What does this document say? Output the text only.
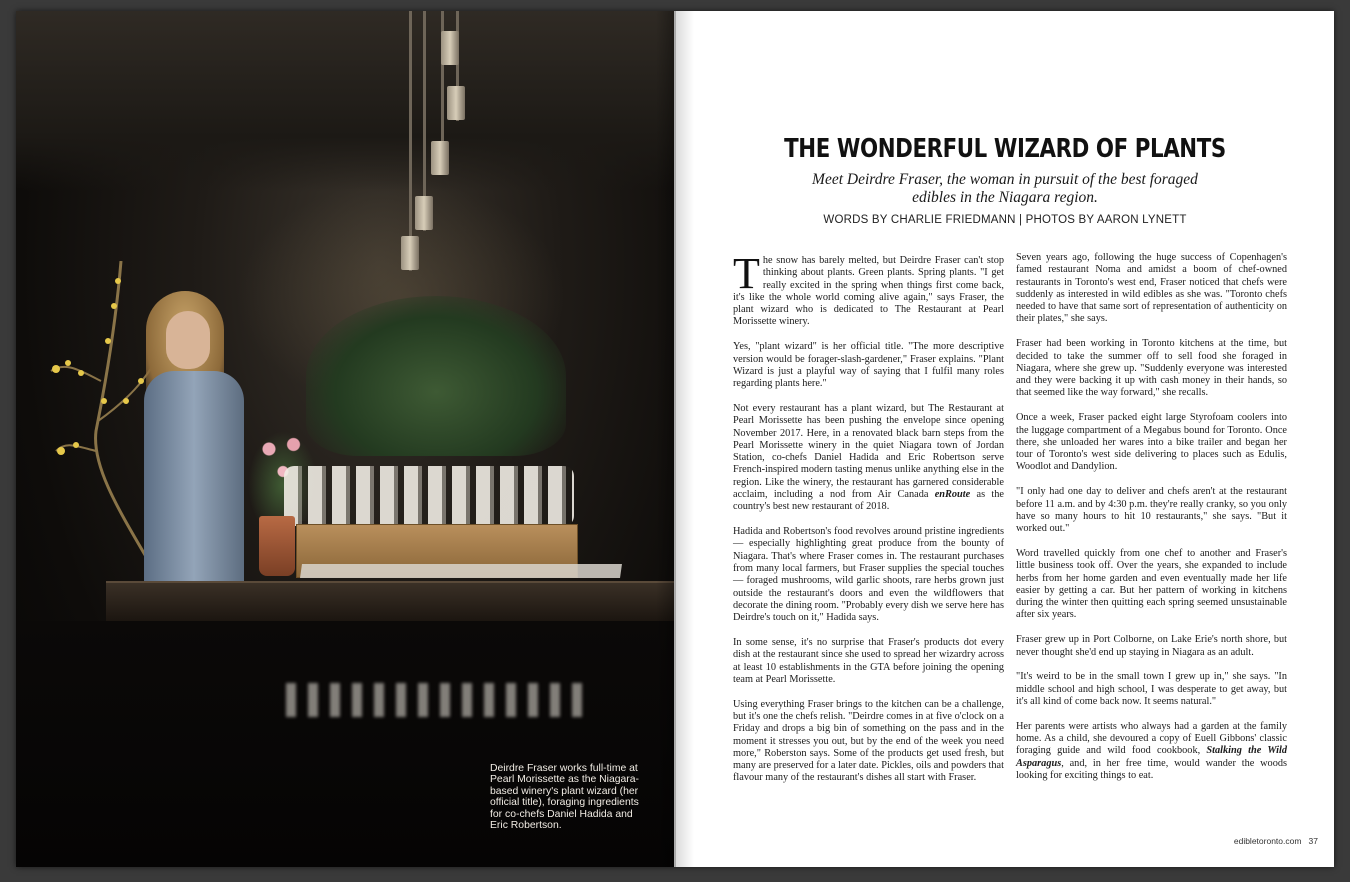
Deirdre Fraser works full-time at Pearl Morissette as the Niagara-based winery's plant wizard (her official title), foraging ingredients for co-chefs Daniel Hadida and Eric Robertson.
THE WONDERFUL WIZARD OF PLANTS
Meet Deirdre Fraser, the woman in pursuit of the best foraged edibles in the Niagara region.
WORDS BY CHARLIE FRIEDMANN | PHOTOS BY AARON LYNETT

The snow has barely melted, but Deirdre Fraser can't stop thinking about plants. Green plants. Spring plants. "I get really excited in the spring when things first come back, it's like the whole world coming alive again," says Fraser, the plant wizard who is dedicated to The Restaurant at Pearl Morissette winery.

Yes, "plant wizard" is her official title. "The more descriptive version would be forager-slash-gardener," Fraser explains. "Plant Wizard is just a playful way of saying that I fulfil many roles regarding plants here."

Not every restaurant has a plant wizard, but The Restaurant at Pearl Morissette has been pushing the envelope since opening November 2017. Here, in a renovated black barn steps from the Pearl Morissette winery in the quiet Niagara town of Jordan Station, co-chefs Daniel Hadida and Eric Robertson serve French-inspired modern tasting menus unlike anything else in the region. Like the winery, the restaurant has garnered considerable acclaim, including a nod from Air Canada enRoute as the country's best new restaurant of 2018.

Hadida and Robertson's food revolves around pristine ingredients — especially highlighting great produce from the bounty of Niagara. That's where Fraser comes in. The restaurant purchases from many local farmers, but Fraser supplies the special touches — foraged mushrooms, wild garlic shoots, rare herbs grown just outside the restaurant's doors and even the wildflowers that decorate the dining room. "Probably every dish we serve here has Deirdre's touch on it," Hadida says.

In some sense, it's no surprise that Fraser's products dot every dish at the restaurant since she used to spread her wizardry across at least 10 establishments in the GTA before joining the opening team at Pearl Morissette.

Using everything Fraser brings to the kitchen can be a challenge, but it's one the chefs relish. "Deirdre comes in at five o'clock on a Friday and drops a big bin of something on the pass and in the moment it stresses you out, but by the end of the week you need more," Roberston says. Some of the products get used fresh, but many are preserved for a later date. Pickles, oils and powders that flavour many of the restaurant's dishes all start with Fraser.

Seven years ago, following the huge success of Copenhagen's famed restaurant Noma and amidst a boom of chef-owned restaurants in Toronto's west end, Fraser noticed that chefs were suddenly as interested in wild edibles as she was. "Toronto chefs needed to have that same sort of representation of authenticity on their plates," she says.

Fraser had been working in Toronto kitchens at the time, but decided to take the summer off to sell food she foraged in Niagara, where she grew up. "Suddenly everyone was interested and they were backing it up with cash money in their hands, so that seemed like the way forward," she recalls.

Once a week, Fraser packed eight large Styrofoam coolers into the luggage compartment of a Megabus bound for Toronto. Once there, she unloaded her wares into a bike trailer and began her tour of Toronto's west side delivering to places such as Edulis, Woodlot and Dandylion.

"I only had one day to deliver and chefs aren't at the restaurant before 11 a.m. and by 4:30 p.m. they're really cranky, so you only have so many hours to hit 10 restaurants," she says. "But it worked out."

Word travelled quickly from one chef to another and Fraser's little business took off. Over the years, she expanded to include herbs from her home garden and even eventually made her life easier by getting a car. But her pattern of working in kitchens during the winter then quitting each spring seemed unsustainable after six years.

Fraser grew up in Port Colborne, on Lake Erie's north shore, but never thought she'd end up staying in Niagara as an adult.

"It's weird to be in the small town I grew up in," she says. "In middle school and high school, I was desperate to get away, but it's all kind of come back now. It seems natural."

Her parents were artists who always had a garden at the family home. As a child, she devoured a copy of Euell Gibbons' classic foraging guide and wild food cookbook, Stalking the Wild Asparagus, and, in her free time, would wander the woods looking for exciting things to eat.

edibletoronto.com 37
